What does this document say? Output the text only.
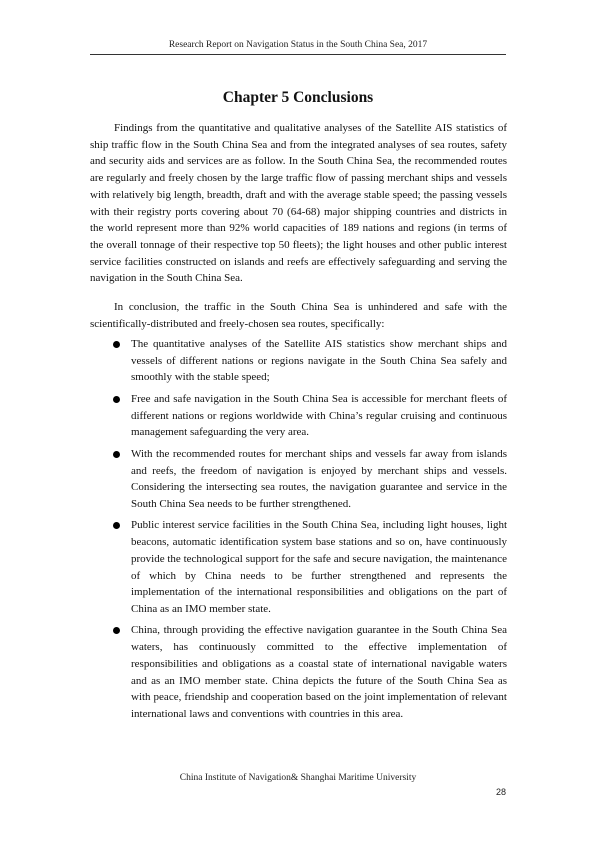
Research Report on Navigation Status in the South China Sea, 2017
Chapter 5 Conclusions

Findings from the quantitative and qualitative analyses of the Satellite AIS statistics of ship traffic flow in the South China Sea and from the integrated analyses of sea routes, safety and security aids and services are as follow. In the South China Sea, the recommended routes are regularly and freely chosen by the large traffic flow of passing merchant ships and vessels with relatively big length, breadth, draft and with the average stable speed; the passing vessels with their registry ports covering about 70 (64-68) major shipping countries and districts in the world represent more than 92% world capacities of 189 nations and regions (in terms of the overall tonnage of their respective top 50 fleets); the light houses and other public interest service facilities constructed on islands and reefs are effectively safeguarding and serving the navigation in the South China Sea.

In conclusion, the traffic in the South China Sea is unhindered and safe with the scientifically-distributed and freely-chosen sea routes, specifically:

The quantitative analyses of the Satellite AIS statistics show merchant ships and vessels of different nations or regions navigate in the South China Sea safely and smoothly with the stable speed;
Free and safe navigation in the South China Sea is accessible for merchant fleets of different nations or regions worldwide with China’s regular cruising and continuous management safeguarding the very area.
With the recommended routes for merchant ships and vessels far away from islands and reefs, the freedom of navigation is enjoyed by merchant ships and vessels. Considering the intersecting sea routes, the navigation guarantee and service in the South China Sea needs to be further strengthened.
Public interest service facilities in the South China Sea, including light houses, light beacons, automatic identification system base stations and so on, have continuously provide the technological support for the safe and secure navigation, the maintenance of which by China needs to be further strengthened and represents the implementation of the international responsibilities and obligations on the part of China as an IMO member state.
China, through providing the effective navigation guarantee in the South China Sea waters, has continuously committed to the effective implementation of responsibilities and obligations as a coastal state of international navigable waters and as an IMO member state. China depicts the future of the South China Sea as with peace, friendship and cooperation based on the joint implementation of relevant international laws and conventions with countries in this area.
China Institute of Navigation& Shanghai Maritime University
28
